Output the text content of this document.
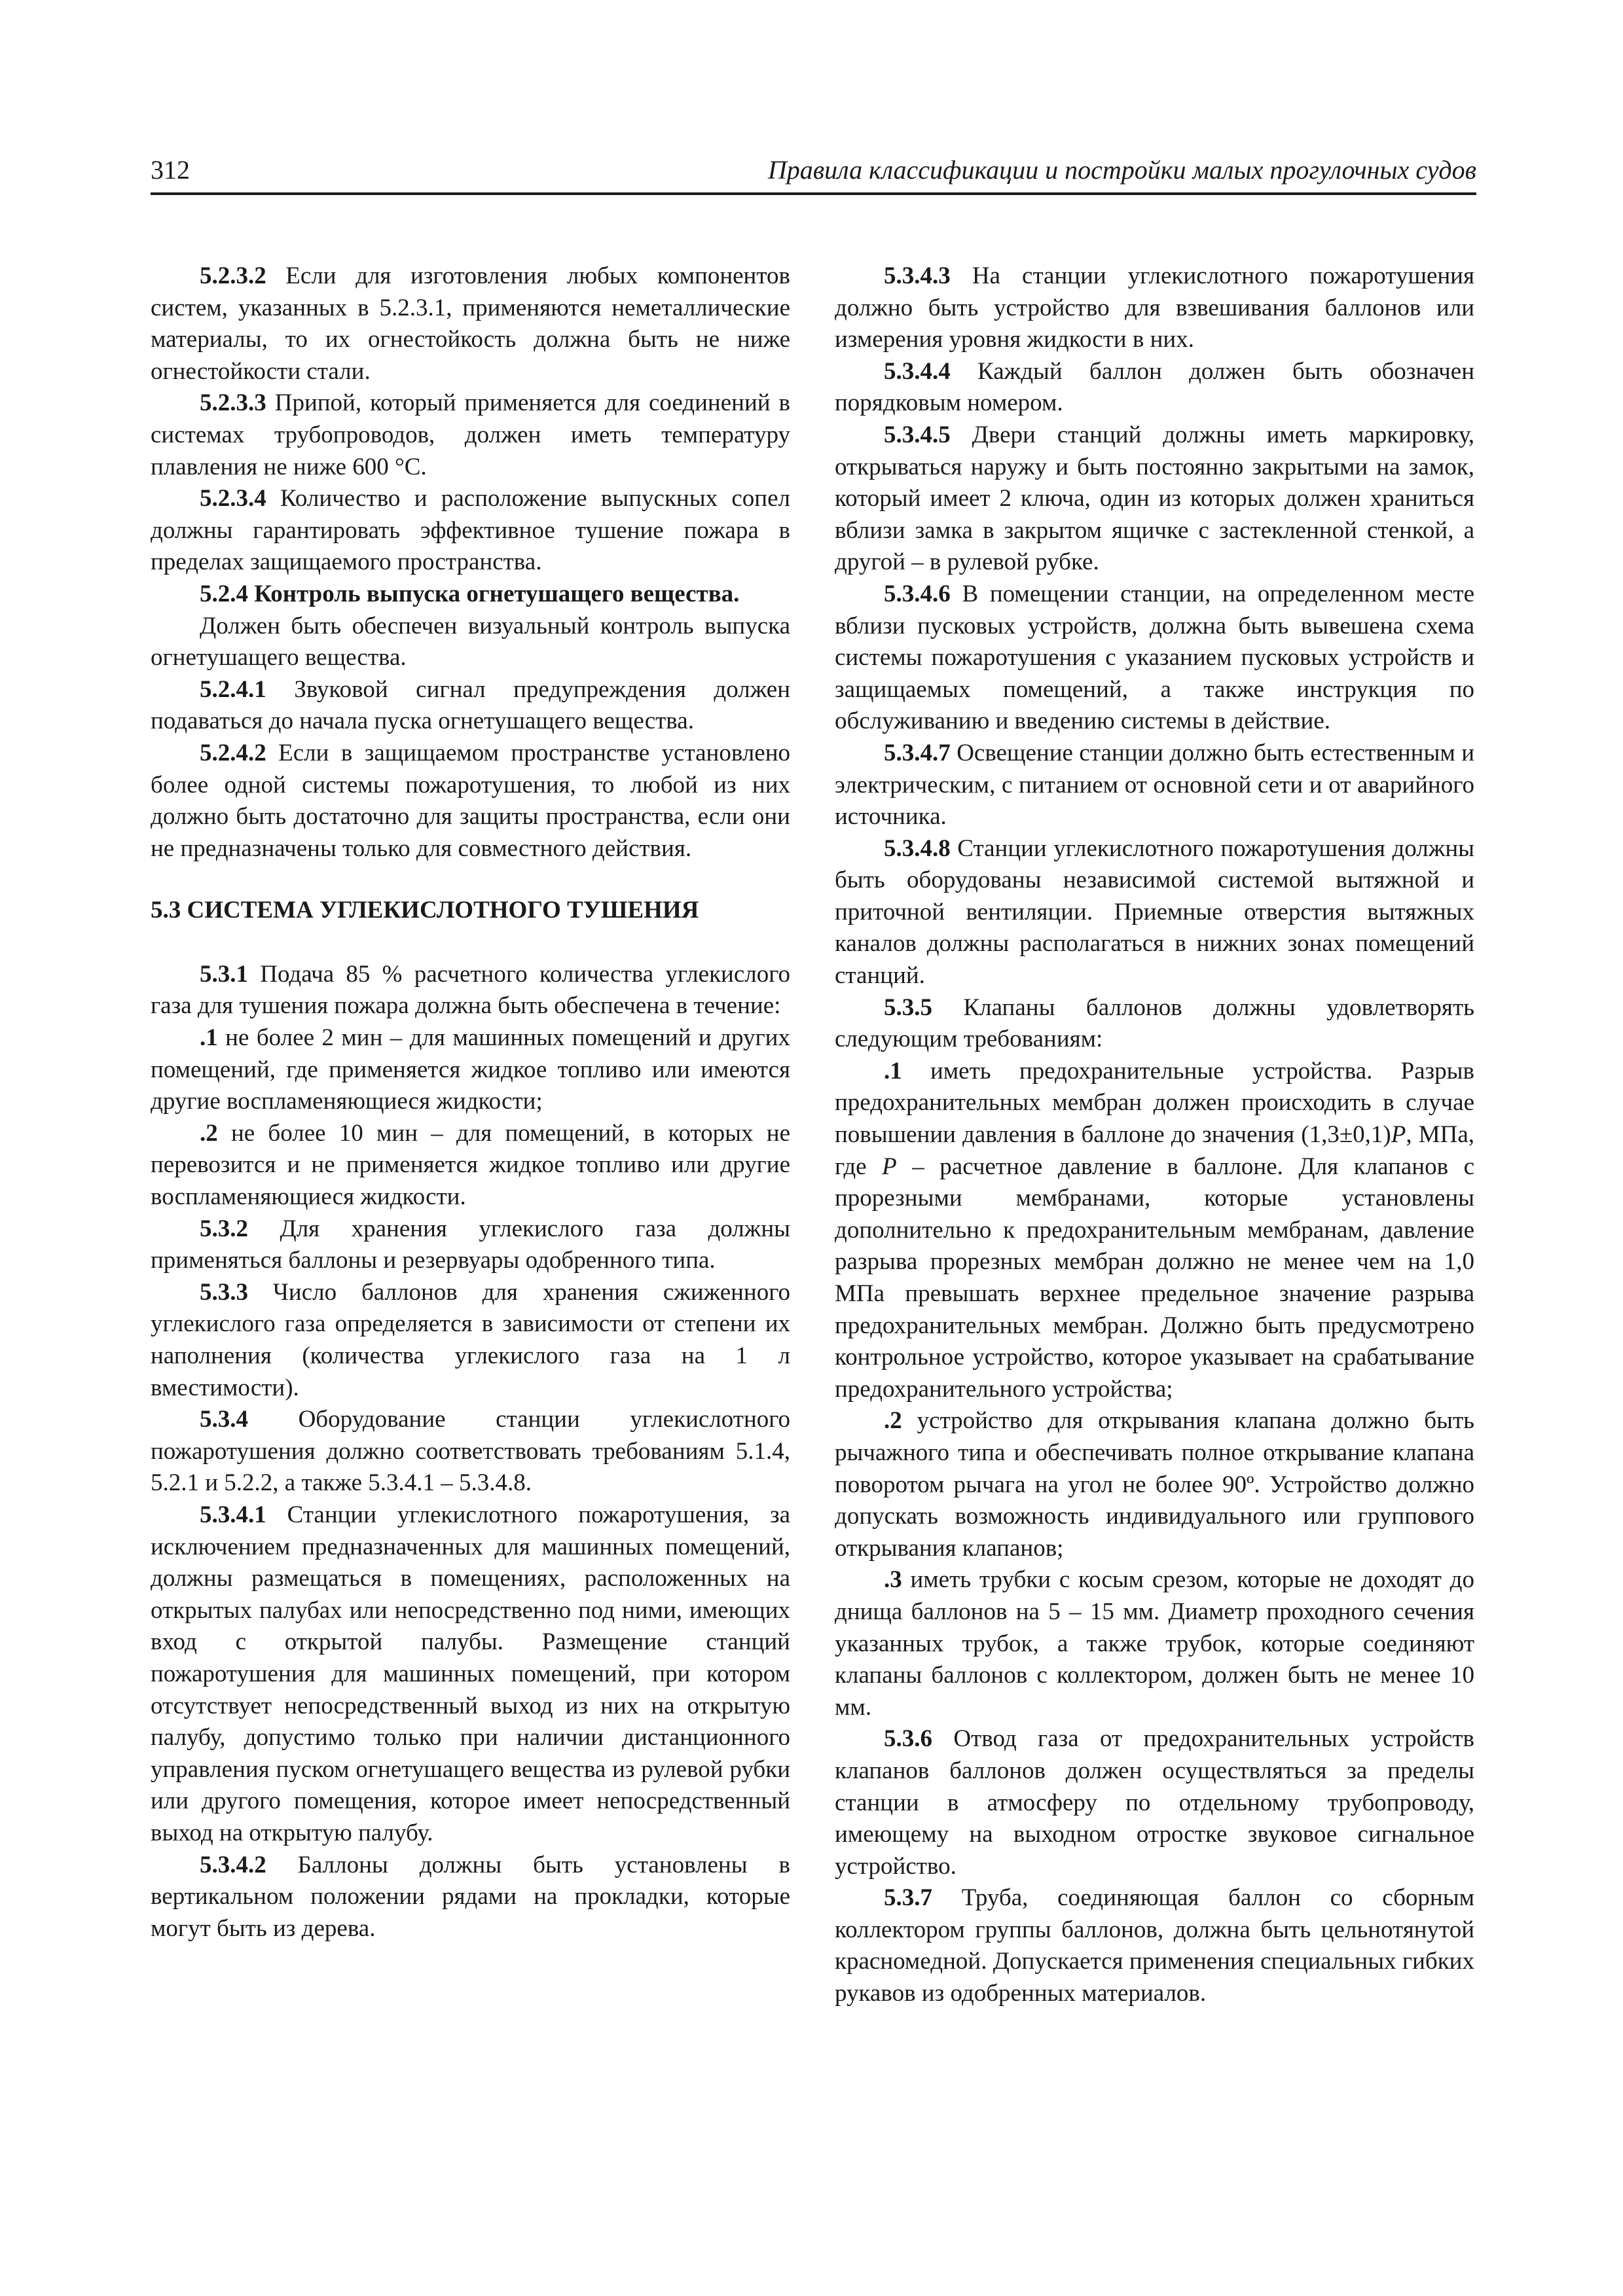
312	Правила классификации и постройки малых прогулочных судов

5.2.3.2 Если для изготовления любых компонентов систем, указанных в 5.2.3.1, применяются неметаллические материалы, то их огнестойкость должна быть не ниже огнестойкости стали.

5.2.3.3 Припой, который применяется для соединений в системах трубопроводов, должен иметь температуру плавления не ниже 600 °С.

5.2.3.4 Количество и расположение выпускных сопел должны гарантировать эффективное тушение пожара в пределах защищаемого пространства.

5.2.4 Контроль выпуска огнетушащего вещества.

Должен быть обеспечен визуальный контроль выпуска огнетушащего вещества.

5.2.4.1 Звуковой сигнал предупреждения должен подаваться до начала пуска огнетушащего вещества.

5.2.4.2 Если в защищаемом пространстве установлено более одной системы пожаротушения, то любой из них должно быть достаточно для защиты пространства, если они не предназначены только для совместного действия.

5.3 СИСТЕМА УГЛЕКИСЛОТНОГО ТУШЕНИЯ

5.3.1 Подача 85 % расчетного количества углекислого газа для тушения пожара должна быть обеспечена в течение:

.1 не более 2 мин – для машинных помещений и других помещений, где применяется жидкое топливо или имеются другие воспламеняющиеся жидкости;

.2 не более 10 мин – для помещений, в которых не перевозится и не применяется жидкое топливо или другие воспламеняющиеся жидкости.

5.3.2 Для хранения углекислого газа должны применяться баллоны и резервуары одобренного типа.

5.3.3 Число баллонов для хранения сжиженного углекислого газа определяется в зависимости от степени их наполнения (количества углекислого газа на 1 л вместимости).

5.3.4 Оборудование станции углекислотного пожаротушения должно соответствовать требованиям 5.1.4, 5.2.1 и 5.2.2, а также 5.3.4.1 – 5.3.4.8.

5.3.4.1 Станции углекислотного пожаротушения, за исключением предназначенных для машинных помещений, должны размещаться в помещениях, расположенных на открытых палубах или непосредственно под ними, имеющих вход с открытой палубы. Размещение станций пожаротушения для машинных помещений, при котором отсутствует непосредственный выход из них на открытую палубу, допустимо только при наличии дистанционного управления пуском огнетушащего вещества из рулевой рубки или другого помещения, которое имеет непосредственный выход на открытую палубу.

5.3.4.2 Баллоны должны быть установлены в вертикальном положении рядами на прокладки, которые могут быть из дерева.

5.3.4.3 На станции углекислотного пожаротушения должно быть устройство для взвешивания баллонов или измерения уровня жидкости в них.

5.3.4.4 Каждый баллон должен быть обозначен порядковым номером.

5.3.4.5 Двери станций должны иметь маркировку, открываться наружу и быть постоянно закрытыми на замок, который имеет 2 ключа, один из которых должен храниться вблизи замка в закрытом ящичке с застекленной стенкой, а другой – в рулевой рубке.

5.3.4.6 В помещении станции, на определенном месте вблизи пусковых устройств, должна быть вывешена схема системы пожаротушения с указанием пусковых устройств и защищаемых помещений, а также инструкция по обслуживанию и введению системы в действие.

5.3.4.7 Освещение станции должно быть естественным и электрическим, с питанием от основной сети и от аварийного источника.

5.3.4.8 Станции углекислотного пожаротушения должны быть оборудованы независимой системой вытяжной и приточной вентиляции. Приемные отверстия вытяжных каналов должны располагаться в нижних зонах помещений станций.

5.3.5 Клапаны баллонов должны удовлетворять следующим требованиям:

.1 иметь предохранительные устройства. Разрыв предохранительных мембран должен происходить в случае повышении давления в баллоне до значения (1,3±0,1)P, МПа, где P – расчетное давление в баллоне. Для клапанов с прорезными мембранами, которые установлены дополнительно к предохранительным мембранам, давление разрыва прорезных мембран должно не менее чем на 1,0 МПа превышать верхнее предельное значение разрыва предохранительных мембран. Должно быть предусмотрено контрольное устройство, которое указывает на срабатывание предохранительного устройства;

.2 устройство для открывания клапана должно быть рычажного типа и обеспечивать полное открывание клапана поворотом рычага на угол не более 90º. Устройство должно допускать возможность индивидуального или группового открывания клапанов;

.3 иметь трубки с косым срезом, которые не доходят до днища баллонов на 5 – 15 мм. Диаметр проходного сечения указанных трубок, а также трубок, которые соединяют клапаны баллонов с коллектором, должен быть не менее 10 мм.

5.3.6 Отвод газа от предохранительных устройств клапанов баллонов должен осуществляться за пределы станции в атмосферу по отдельному трубопроводу, имеющему на выходном отростке звуковое сигнальное устройство.

5.3.7 Труба, соединяющая баллон со сборным коллектором группы баллонов, должна быть цельнотянутой красномедной. Допускается применения специальных гибких рукавов из одобренных материалов.
